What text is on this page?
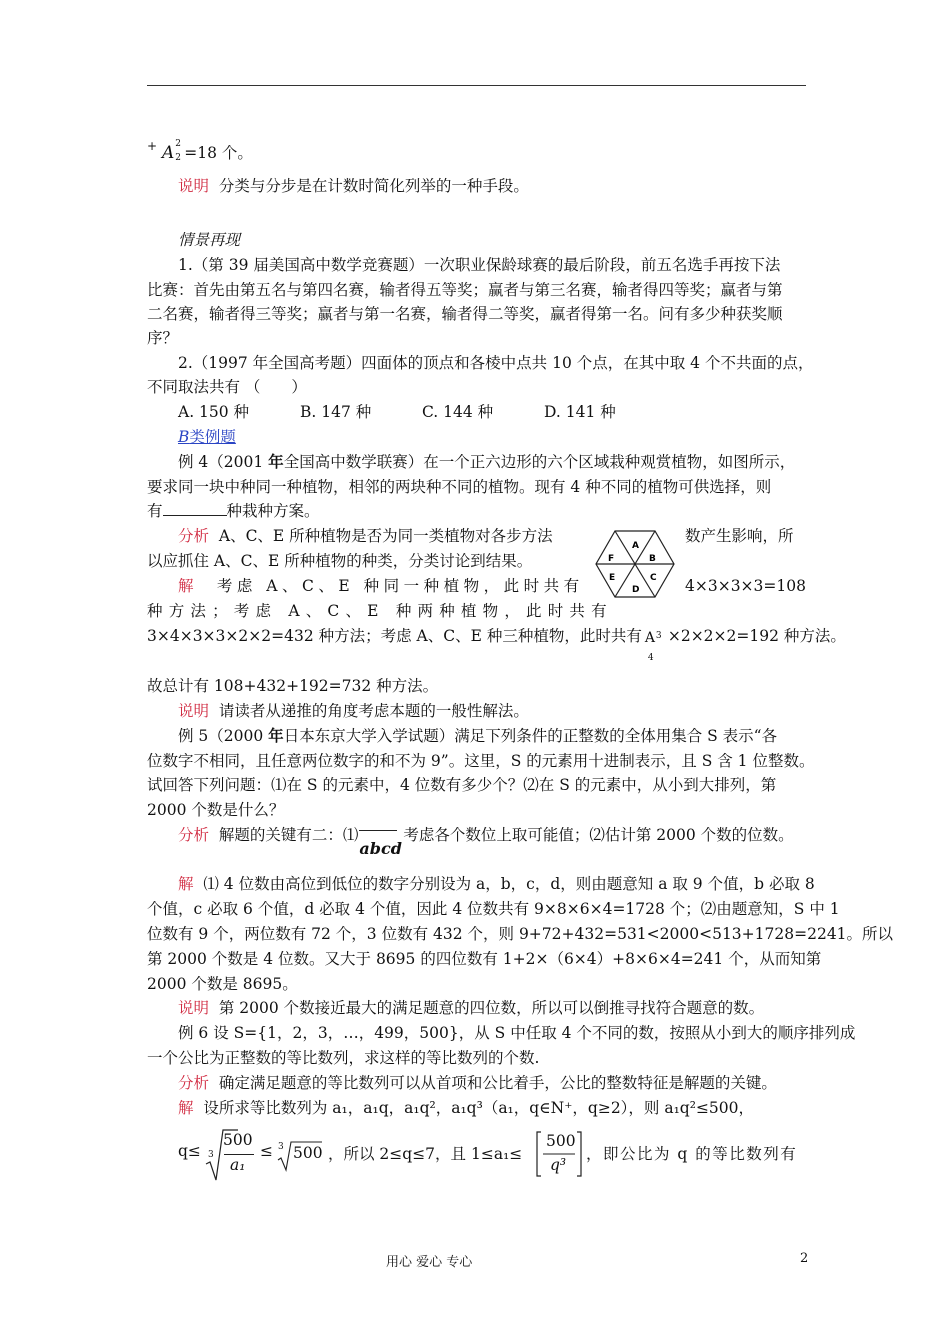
+ A 2
2 =18 个。
说明 分类与分步是在计数时简化列举的一种手段。
情景再现
1.（第 39 届美国高中数学竞赛题）一次职业保龄球赛的最后阶段，前五名选手再按下法
比赛：首先由第五名与第四名赛，输者得五等奖；赢者与第三名赛，输者得四等奖；赢者与第
二名赛，输者得三等奖；赢者与第一名赛，输者得二等奖，赢者得第一名。问有多少种获奖顺
序？
2.（1997 年全国高考题）四面体的顶点和各棱中点共 10 个点，在其中取 4 个不共面的点，
不同取法共有 （　　）
A. 150 种	B. 147 种	C. 144 种	D. 141 种
B类例题
例 4（2001 年全国高中数学联赛）在一个正六边形的六个区域栽种观赏植物，如图所示，
要求同一块中种同一种植物，相邻的两块种不同的植物。现有 4 种不同的植物可供选择，则
有	种栽种方案。
分析 A、C、E 所种植物是否为同一类植物对各步方法	数产生影响，所
以应抓住 A、C、E 所种植物的种类，分类讨论到结果。
解 考虑 A、C、E 种同一种植物，此时共有	4×3×3×3=108
种方法；考虑 A、C、E 种两种植物，此时共有
3×4×3×3×2×2=432 种方法；考虑 A、C、E 种三种植物，此时共有 A 3
4
×2×2×2=192 种方法。
故总计有 108+432+192=732 种方法。
说明 请读者从递推的角度考虑本题的一般性解法。
A
B
C
D
E
F
例 5（2000 年日本东京大学入学试题）满足下列条件的正整数的全体用集合 S 表示“各
位数字不相同，且任意两位数字的和不为 9”。这里，S 的元素用十进制表示，且 S 含 1 位整数。
试回答下列问题：⑴在 S 的元素中，4 位数有多少个？⑵在 S 的元素中，从小到大排列，第
2000 个数是什么？
分析 解题的关键有二：⑴
abcd
考虑各个数位上取可能值；⑵估计第 2000 个数的位数。
解 ⑴ 4 位数由高位到低位的数字分别设为 a，b，c，d，则由题意知 a 取 9 个值，b 必取 8
个值，c 必取 6 个值，d 必取 4 个值，因此 4 位数共有 9×8×6×4=1728 个；⑵由题意知，S 中 1
位数有 9 个，两位数有 72 个，3 位数有 432 个，则 9+72+432=531<2000<513+1728=2241。所以
第 2000 个数是 4 位数。又大于 8695 的四位数有 1+2×（6×4）+8×6×4=241 个，从而知第
2000 个数是 8695。
说明 第 2000 个数接近最大的满足题意的四位数，所以可以倒推寻找符合题意的数。
例 6 设 S={1，2，3，…，499，500}，从 S 中任取 4 个不同的数，按照从小到大的顺序排列成
一个公比为正整数的等比数列，求这样的等比数列的个数.
分析 确定满足题意的等比数列可以从首项和公比着手，公比的整数特征是解题的关键。
解 设所求等比数列为 a₁，a₁q，a₁q²，a₁q³（a₁，q∈N⁺，q≥2），则 a₁q²≤500，
q≤ 3
500
a₁
≤ 3 500 ，所以 2≤q≤7，且 1≤a₁≤
500
q³
，即公比为 q 的等比数列有
用心 爱心 专心	2
